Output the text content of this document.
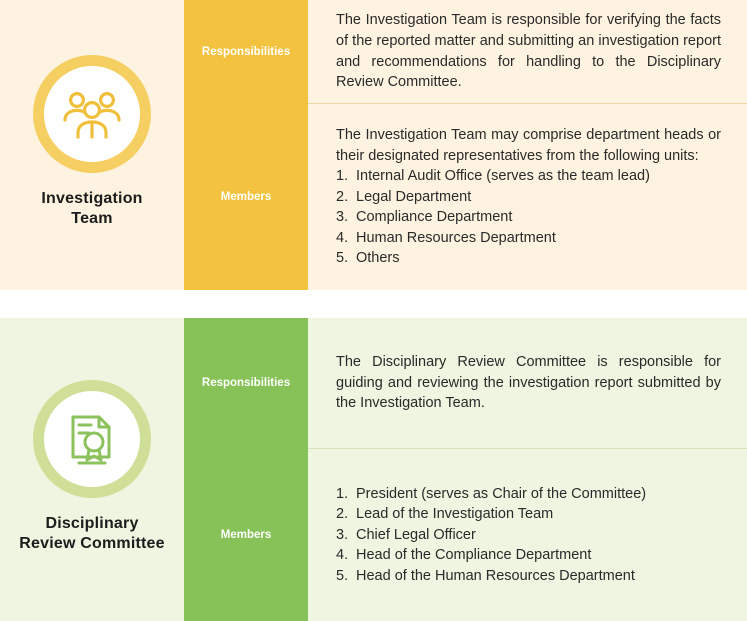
Investigation
Team
Responsibilities
Members

The Investigation Team is responsible for verifying the facts of the reported matter and submitting an investigation report and recommendations for handling to the Disciplinary Review Committee.

The Investigation Team may comprise department heads or their designated representatives from the following units:

1. Internal Audit Office (serves as the team lead)
2. Legal Department
3. Compliance Department
4. Human Resources Department
5. Others
Disciplinary
Review Committee
Responsibilities
Members

The Disciplinary Review Committee is responsible for guiding and reviewing the investigation report submitted by the Investigation Team.

1. President (serves as Chair of the Committee)
2. Lead of the Investigation Team
3. Chief Legal Officer
4. Head of the Compliance Department
5. Head of the Human Resources Department
